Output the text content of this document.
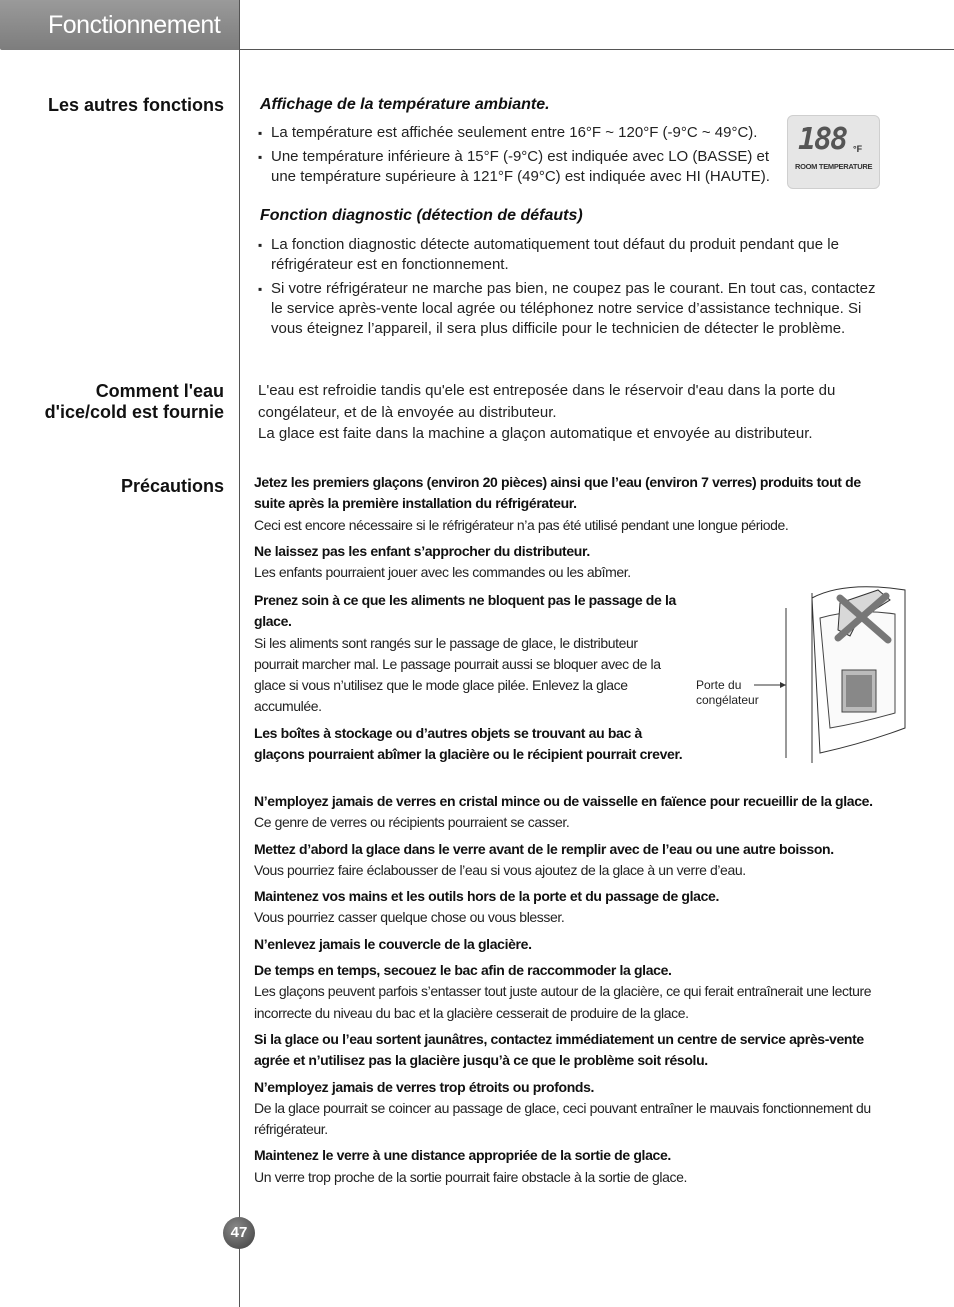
Fonctionnement
Les autres fonctions Affichage de la température ambiante.
▪ La température est affichée seulement entre 16°F ~ 120°F (-9°C ~ 49°C).
▪ Une température inférieure à 15°F (-9°C) est indiquée avec LO (BASSE) et une température supérieure à 121°F (49°C) est indiquée avec HI (HAUTE).
188 °F
ROOM TEMPERATURE
Fonction diagnostic (détection de défauts)
▪ La fonction diagnostic détecte automatiquement tout défaut du produit pendant que le réfrigérateur est en fonctionnement.
▪ Si votre réfrigérateur ne marche pas bien, ne coupez pas le courant. En tout cas, contactez le service après-vente local agrée ou téléphonez notre service d’assistance technique. Si vous éteignez l’appareil, il sera plus difficile pour le technicien de détecter le problème.
Comment l'eau d'ice/cold est fournie
L'eau est refroidie tandis qu'ele est entreposée dans le réservoir d'eau dans la porte du congélateur, et de là envoyée au distributeur.
La glace est faite dans la machine a glaçon automatique et envoyée au distributeur.
Précautions Jetez les premiers glaçons (environ 20 pièces) ainsi que l’eau (environ 7 verres) produits tout de suite après la première installation du réfrigérateur.
Ceci est encore nécessaire si le réfrigérateur n’a pas été utilisé pendant une longue période.
Ne laissez pas les enfant s’approcher du distributeur.
Les enfants pourraient jouer avec les commandes ou les abîmer.
Prenez soin à ce que les aliments ne bloquent pas le passage de la glace.
Si les aliments sont rangés sur le passage de glace, le distributeur pourrait marcher mal. Le passage pourrait aussi se bloquer avec de la glace si vous n’utilisez que le mode glace pilée. Enlevez la glace accumulée.
Les boîtes à stockage ou d’autres objets se trouvant au bac à glaçons pourraient abîmer la glacière ou le récipient pourrait crever.
N’employez jamais de verres en cristal mince ou de vaisselle en faïence pour recueillir de la glace.
Ce genre de verres ou récipients pourraient se casser.
Mettez d’abord la glace dans le verre avant de le remplir avec de l’eau ou une autre boisson.
Vous pourriez faire éclabousser de l’eau si vous ajoutez de la glace à un verre d’eau.
Maintenez vos mains et les outils hors de la porte et du passage de glace.
Vous pourriez casser quelque chose ou vous blesser.
N’enlevez jamais le couvercle de la glacière.
De temps en temps, secouez le bac afin de raccommoder la glace.
Les glaçons peuvent parfois s’entasser tout juste autour de la glacière, ce qui ferait entraînerait une lecture incorrecte du niveau du bac et la glacière cesserait de produire de la glace.
Si la glace ou l’eau sortent jaunâtres, contactez immédiatement un centre de service après-vente agrée et n’utilisez pas la glacière jusqu’à ce que le problème soit résolu.
N’employez jamais de verres trop étroits ou profonds.
De la glace pourrait se coincer au passage de glace, ceci pouvant entraîner le mauvais fonctionnement du réfrigérateur.
Maintenez le verre à une distance appropriée de la sortie de glace.
Un verre trop proche de la sortie pourrait faire obstacle à la sortie de glace.
Porte du congélateur
47
